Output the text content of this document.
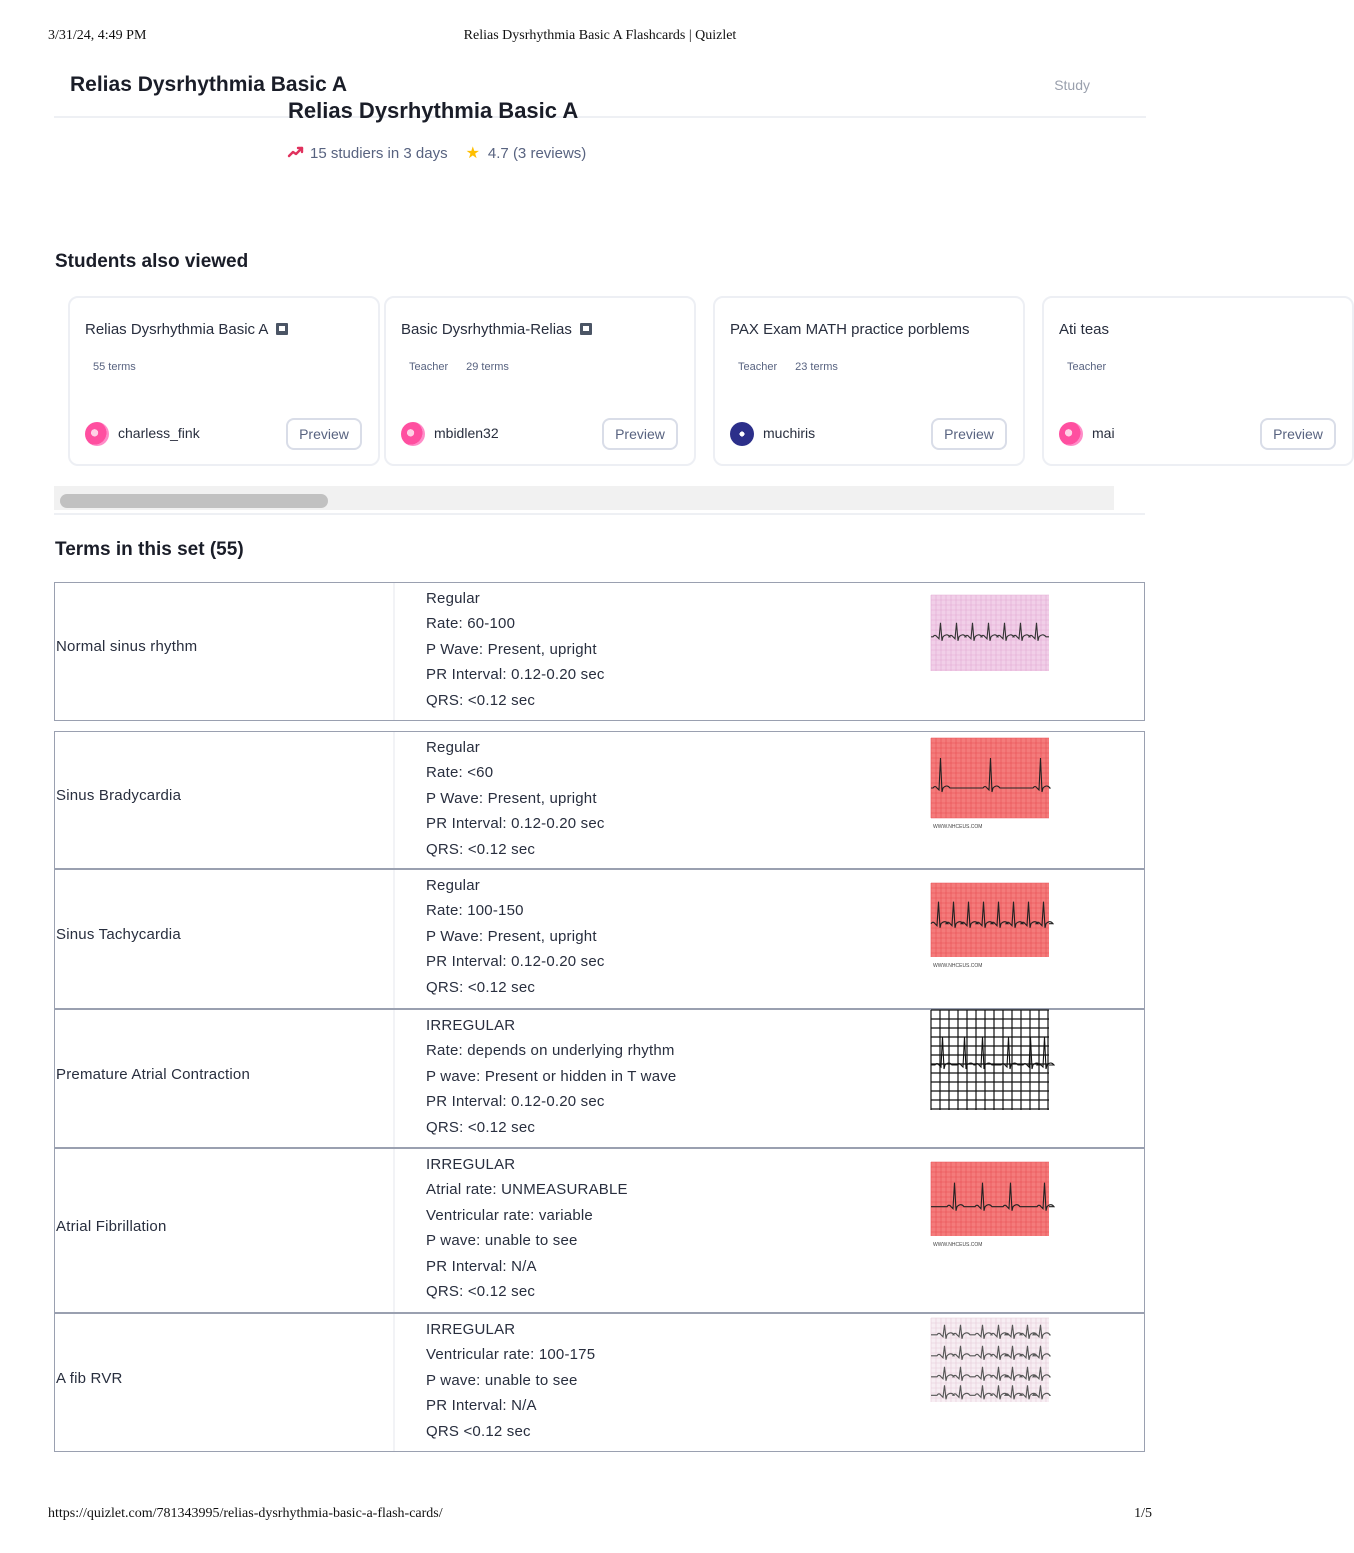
3/31/24, 4:49 PM	Relias Dysrhythmia Basic A Flashcards | Quizlet
Relias Dysrhythmia Basic A	Study
Relias Dysrhythmia Basic A
15 studiers in 3 days ★ 4.7 (3 reviews)
Students also viewed
Relias Dysrhythmia Basic A
55 terms
charless_fink	Preview
Basic Dysrhythmia-Relias
Teacher 29 terms
mbidlen32	Preview
PAX Exam MATH practice porblems
Teacher 23 terms
muchiris	Preview
Ati teas
Teacher
mai	Preview
Terms in this set (55)
Normal sinus rhythm
Regular
Rate: 60-100
P Wave: Present, upright
PR Interval: 0.12-0.20 sec
QRS: <0.12 sec
Sinus Bradycardia
Regular
Rate: <60
P Wave: Present, upright
PR Interval: 0.12-0.20 sec
QRS: <0.12 sec
WWW.NHCEUS.COM
Sinus Tachycardia
Regular
Rate: 100-150
P Wave: Present, upright
PR Interval: 0.12-0.20 sec
QRS: <0.12 sec
WWW.NHCEUS.COM
Premature Atrial Contraction
IRREGULAR
Rate: depends on underlying rhythm
P wave: Present or hidden in T wave
PR Interval: 0.12-0.20 sec
QRS: <0.12 sec
Atrial Fibrillation
IRREGULAR
Atrial rate: UNMEASURABLE
Ventricular rate: variable
P wave: unable to see
PR Interval: N/A
QRS: <0.12 sec
WWW.NHCEUS.COM
A fib RVR
IRREGULAR
Ventricular rate: 100-175
P wave: unable to see
PR Interval: N/A
QRS <0.12 sec
https://quizlet.com/781343995/relias-dysrhythmia-basic-a-flash-cards/	1/5
